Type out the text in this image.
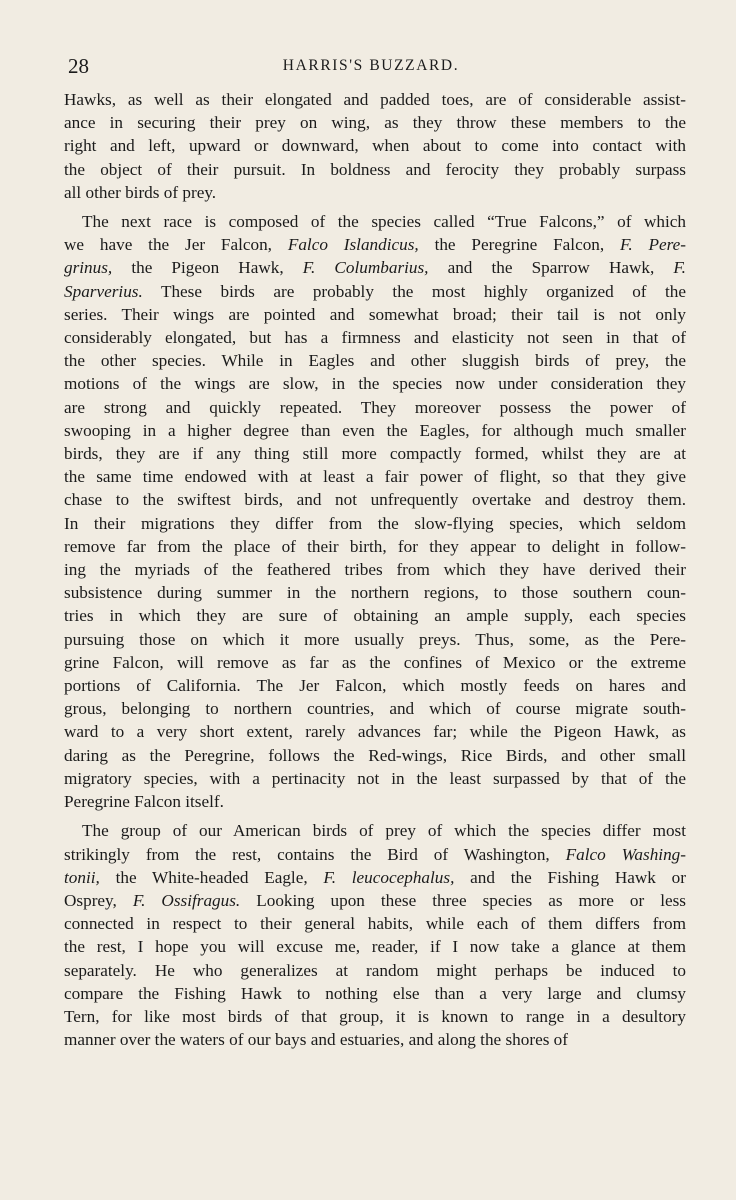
28	HARRIS'S BUZZARD.

Hawks, as well as their elongated and padded toes, are of considerable assist-
ance in securing their prey on wing, as they throw these members to the
right and left, upward or downward, when about to come into contact with
the object of their pursuit. In boldness and ferocity they probably surpass
all other birds of prey.

The next race is composed of the species called “True Falcons,” of which
we have the Jer Falcon, Falco Islandicus, the Peregrine Falcon, F. Pere-
grinus, the Pigeon Hawk, F. Columbarius, and the Sparrow Hawk, F.
Sparverius. These birds are probably the most highly organized of the
series. Their wings are pointed and somewhat broad; their tail is not only
considerably elongated, but has a firmness and elasticity not seen in that of
the other species. While in Eagles and other sluggish birds of prey, the
motions of the wings are slow, in the species now under consideration they
are strong and quickly repeated. They moreover possess the power of
swooping in a higher degree than even the Eagles, for although much smaller
birds, they are if any thing still more compactly formed, whilst they are at
the same time endowed with at least a fair power of flight, so that they give
chase to the swiftest birds, and not unfrequently overtake and destroy them.
In their migrations they differ from the slow-flying species, which seldom
remove far from the place of their birth, for they appear to delight in follow-
ing the myriads of the feathered tribes from which they have derived their
subsistence during summer in the northern regions, to those southern coun-
tries in which they are sure of obtaining an ample supply, each species
pursuing those on which it more usually preys. Thus, some, as the Pere-
grine Falcon, will remove as far as the confines of Mexico or the extreme
portions of California. The Jer Falcon, which mostly feeds on hares and
grous, belonging to northern countries, and which of course migrate south-
ward to a very short extent, rarely advances far; while the Pigeon Hawk, as
daring as the Peregrine, follows the Red-wings, Rice Birds, and other small
migratory species, with a pertinacity not in the least surpassed by that of the
Peregrine Falcon itself.

The group of our American birds of prey of which the species differ most
strikingly from the rest, contains the Bird of Washington, Falco Washing-
tonii, the White-headed Eagle, F. leucocephalus, and the Fishing Hawk or
Osprey, F. Ossifragus. Looking upon these three species as more or less
connected in respect to their general habits, while each of them differs from
the rest, I hope you will excuse me, reader, if I now take a glance at them
separately. He who generalizes at random might perhaps be induced to
compare the Fishing Hawk to nothing else than a very large and clumsy
Tern, for like most birds of that group, it is known to range in a desultory
manner over the waters of our bays and estuaries, and along the shores of
